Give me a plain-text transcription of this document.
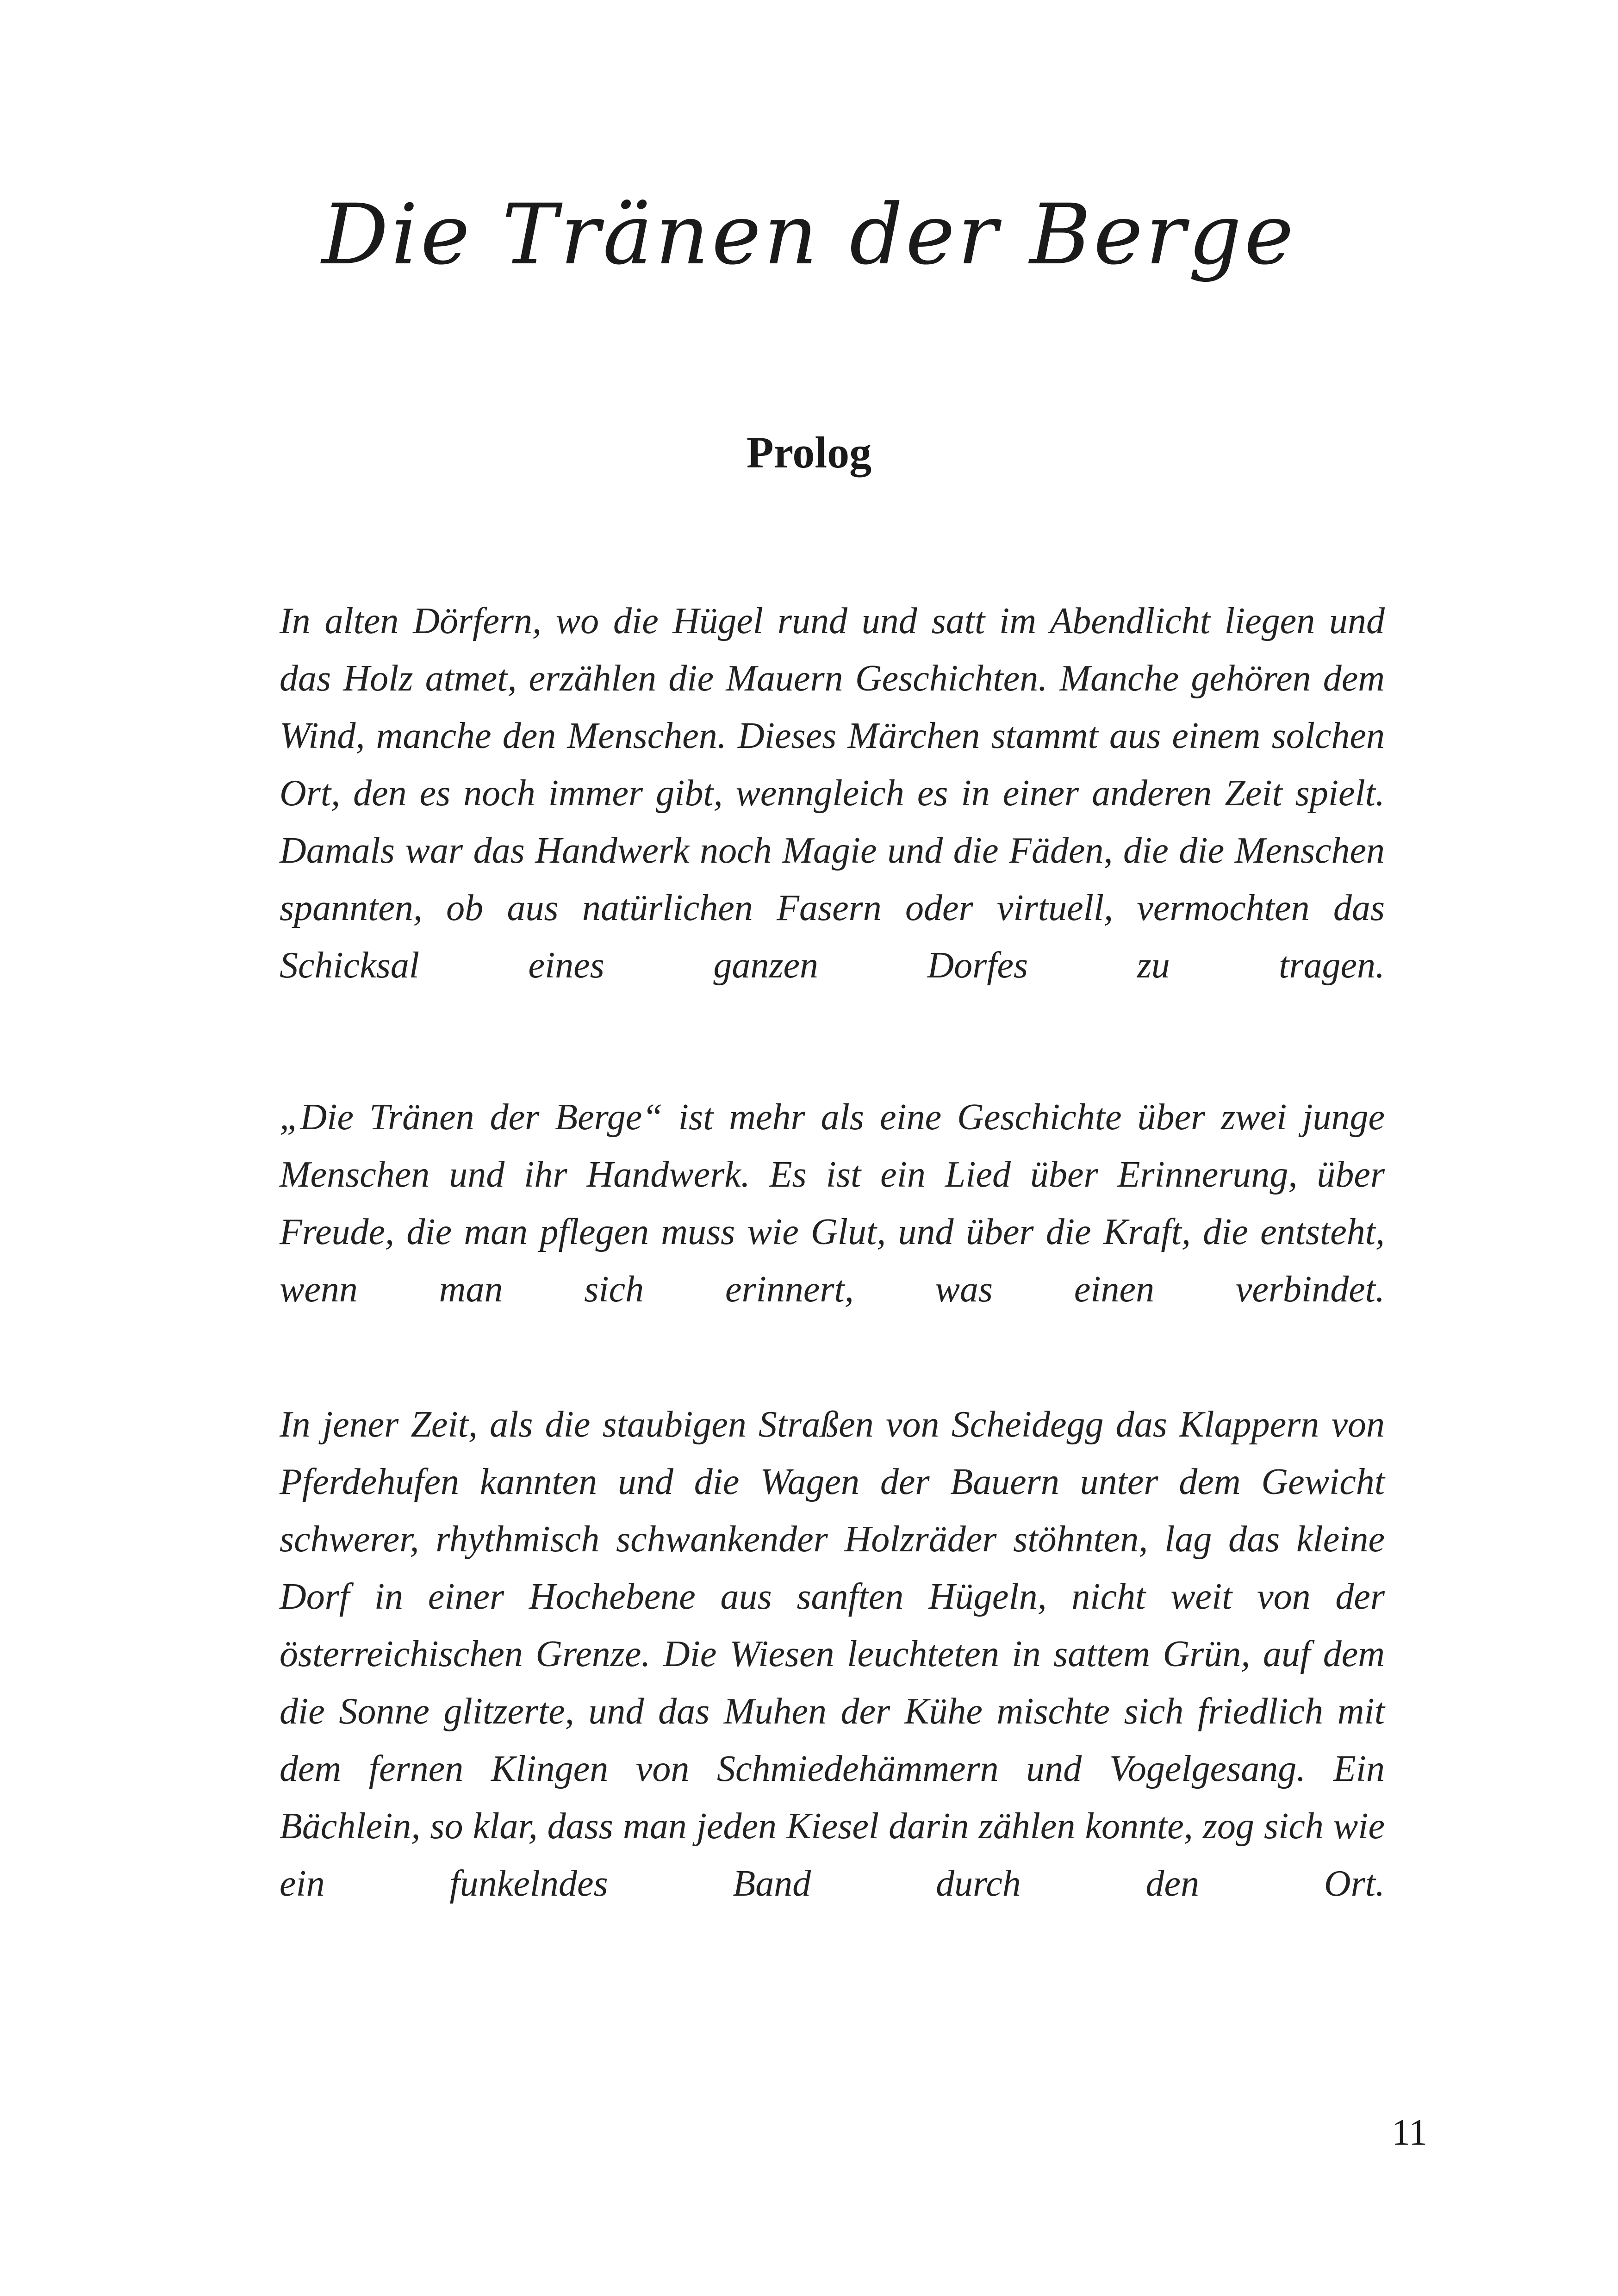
Die Tränen der Berge
Prolog

In alten Dörfern, wo die Hügel rund und satt im Abendlicht liegen und das Holz atmet, erzählen die Mauern Geschichten. Manche gehören dem Wind, manche den Menschen. Dieses Märchen stammt aus einem solchen Ort, den es noch immer gibt, wenngleich es in einer anderen Zeit spielt. Damals war das Handwerk noch Magie und die Fäden, die die Menschen spannten, ob aus natürlichen Fasern oder virtuell, vermochten das Schicksal eines ganzen Dorfes zu tragen.

„Die Tränen der Berge“ ist mehr als eine Geschichte über zwei junge Menschen und ihr Handwerk. Es ist ein Lied über Erinnerung, über Freude, die man pflegen muss wie Glut, und über die Kraft, die entsteht, wenn man sich erinnert, was einen verbindet.

In jener Zeit, als die staubigen Straßen von Scheidegg das Klappern von Pferdehufen kannten und die Wagen der Bauern unter dem Gewicht schwerer, rhythmisch schwankender Holzräder stöhnten, lag das kleine Dorf in einer Hochebene aus sanften Hügeln, nicht weit von der österreichischen Grenze. Die Wiesen leuchteten in sattem Grün, auf dem die Sonne glitzerte, und das Muhen der Kühe mischte sich friedlich mit dem fernen Klingen von Schmiedehämmern und Vogelgesang. Ein Bächlein, so klar, dass man jeden Kiesel darin zählen konnte, zog sich wie ein funkelndes Band durch den Ort.

11
